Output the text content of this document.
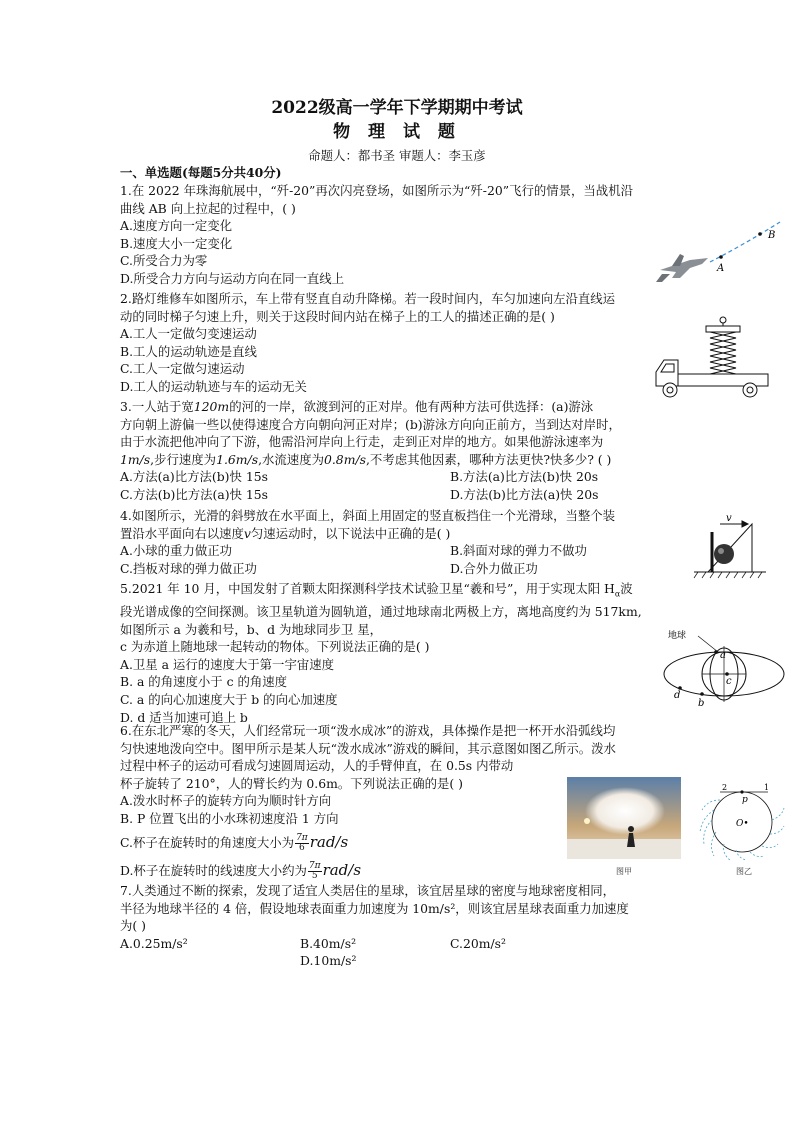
2022级高一学年下学期期中考试
物 理 试 题
命题人：都书圣 审题人：李玉彦
一、单选题(每题5分共40分)
1.在 2022 年珠海航展中，“歼-20”再次闪亮登场，如图所示为“歼-20”飞行的情景，当战机沿
曲线 AB 向上拉起的过程中，( )
A.速度方向一定变化
B.速度大小一定变化
C.所受合力为零
D.所受合力方向与运动方向在同一直线上
A
B
2.路灯维修车如图所示，车上带有竖直自动升降梯。若一段时间内，车匀加速向左沿直线运
动的同时梯子匀速上升，则关于这段时间内站在梯子上的工人的描述正确的是( )
A.工人一定做匀变速运动
B.工人的运动轨迹是直线
C.工人一定做匀速运动
D.工人的运动轨迹与车的运动无关
3.一人站于宽120m的河的一岸，欲渡到河的正对岸。他有两种方法可供选择：(a)游泳
方向朝上游偏一些以使得速度合方向朝向河正对岸；(b)游泳方向向正前方，当到达对岸时，
由于水流把他冲向了下游，他需沿河岸向上行走，走到正对岸的地方。如果他游泳速率为
1m/s,步行速度为1.6m/s,水流速度为0.8m/s,不考虑其他因素，哪种方法更快?快多少? ( )
A.方法(a)比方法(b)快 15s	B.方法(a)比方法(b)快 20s
C.方法(b)比方法(a)快 15s	D.方法(b)比方法(a)快 20s
4.如图所示，光滑的斜劈放在水平面上，斜面上用固定的竖直板挡住一个光滑球，当整个装
置沿水平面向右以速度v匀速运动时，以下说法中正确的是( )
A.小球的重力做正功	B.斜面对球的弹力不做功
C.挡板对球的弹力做正功	D.合外力做正功
v
5.2021 年 10 月，中国发射了首颗太阳探测科学技术试验卫星“羲和号”，用于实现太阳 $H_\alpha$波
段光谱成像的空间探测。该卫星轨道为圆轨道，通过地球南北两极上方，离地高度约为 517km,
如图所示 a 为羲和号，b、d 为地球同步卫 星，
c 为赤道上随地球一起转动的物体。下列说法正确的是( )
A.卫星 a 运行的速度大于第一宇宙速度
B. a 的角速度小于 c 的角速度
C. a 的向心加速度大于 b 的向心加速度
D. d 适当加速可追上 b
地球
a
c
d
b
6.在东北严寒的冬天，人们经常玩一项“泼水成冰”的游戏，具体操作是把一杯开水沿弧线均
匀快速地泼向空中。图甲所示是某人玩“泼水成冰”游戏的瞬间，其示意图如图乙所示。泼水
过程中杯子的运动可看成匀速圆周运动，人的手臂伸直，在 0.5s 内带动
杯子旋转了 210°，人的臂长约为 0.6m。下列说法正确的是( )
A.泼水时杯子的旋转方向为顺时针方向
B. P 位置飞出的小水珠初速度沿 1 方向
C.杯子在旋转时的角速度大小为 $\frac{7\pi}{6} rad/s$
D.杯子在旋转时的线速度大小约为 $\frac{7\pi}{5} rad/s$	图甲
2	1
p
O•
图乙
7.人类通过不断的探索，发现了适宜人类居住的星球，该宜居星球的密度与地球密度相同，
半径为地球半径的 4 倍，假设地球表面重力加速度为 10m/s²，则该宜居星球表面重力加速度
为( )
A.0.25m/s²	B.40m/s²	C.20m/s²
D.10m/s²
